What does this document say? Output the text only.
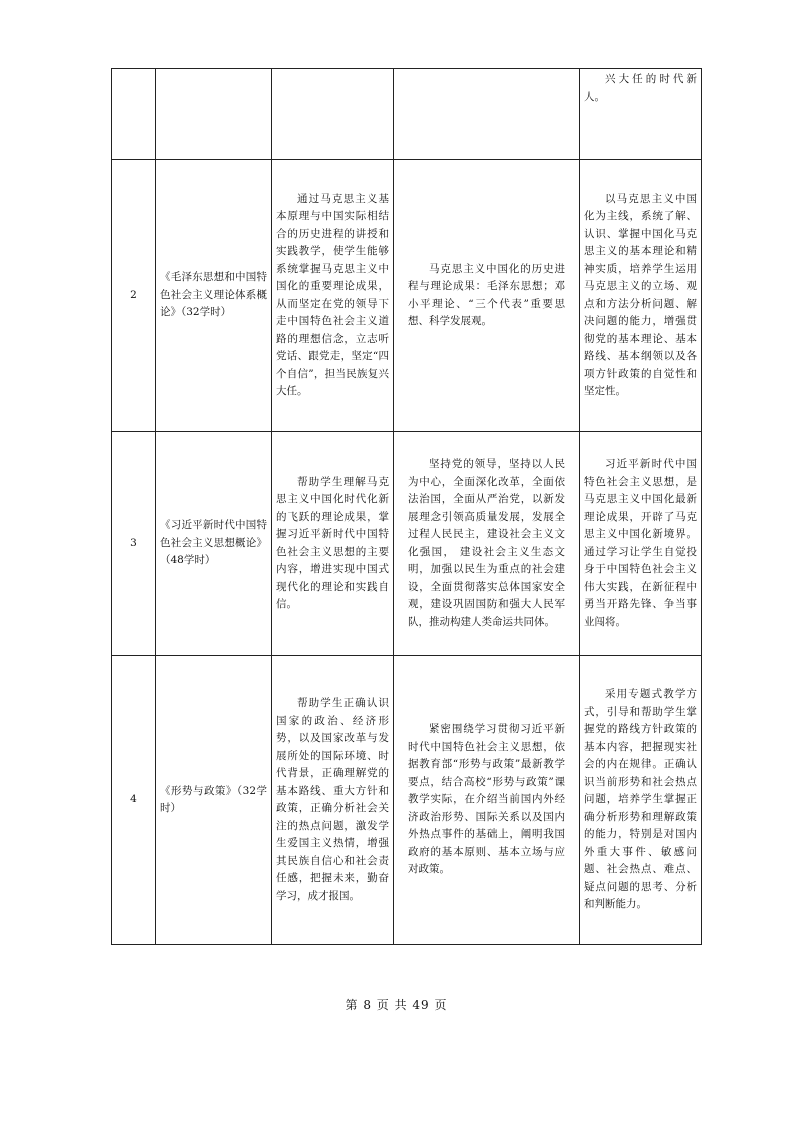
				兴大任的时代新人。
2	《毛泽东思想和中国特色社会主义理论体系概论》（32学时）	通过马克思主义基本原理与中国实际相结合的历史进程的讲授和实践教学，使学生能够系统掌握马克思主义中国化的重要理论成果，从而坚定在党的领导下走中国特色社会主义道路的理想信念，立志听党话、跟党走，坚定“四个自信”，担当民族复兴大任。	马克思主义中国化的历史进程与理论成果：毛泽东思想；邓小平理论、“三个代表”重要思想、科学发展观。	以马克思主义中国化为主线，系统了解、认识、掌握中国化马克思主义的基本理论和精神实质，培养学生运用马克思主义的立场、观点和方法分析问题、解决问题的能力，增强贯彻党的基本理论、基本路线、基本纲领以及各项方针政策的自觉性和坚定性。
3	《习近平新时代中国特色社会主义思想概论》（48学时）	帮助学生理解马克思主义中国化时代化新的飞跃的理论成果，掌握习近平新时代中国特色社会主义思想的主要内容，增进实现中国式现代化的理论和实践自信。	坚持党的领导，坚持以人民为中心，全面深化改革，全面依法治国，全面从严治党，以新发展理念引领高质量发展，发展全过程人民民主，建设社会主义文化强国， 建设社会主义生态文明，加强以民生为重点的社会建设，全面贯彻落实总体国家安全观，建设巩固国防和强大人民军队，推动构建人类命运共同体。	习近平新时代中国特色社会主义思想，是马克思主义中国化最新理论成果，开辟了马克思主义中国化新境界。通过学习让学生自觉投身于中国特色社会主义伟大实践，在新征程中勇当开路先锋、争当事业闯将。
4	《形势与政策》（32学时）	帮助学生正确认识国家的政治、经济形势，以及国家改革与发展所处的国际环境、时代背景，正确理解党的基本路线、重大方针和政策，正确分析社会关注的热点问题，激发学生爱国主义热情，增强其民族自信心和社会责任感，把握未来，勤奋学习，成才报国。	紧密围绕学习贯彻习近平新时代中国特色社会主义思想，依据教育部“形势与政策”最新教学要点，结合高校“形势与政策”课教学实际，在介绍当前国内外经济政治形势、国际关系以及国内外热点事件的基础上，阐明我国政府的基本原则、基本立场与应对政策。	采用专题式教学方式，引导和帮助学生掌握党的路线方针政策的基本内容，把握现实社会的内在规律。正确认识当前形势和社会热点问题，培养学生掌握正确分析形势和理解政策的能力，特别是对国内外重大事件、敏感问题、社会热点、难点、疑点问题的思考、分析和判断能力。
第 8 页 共 49 页
